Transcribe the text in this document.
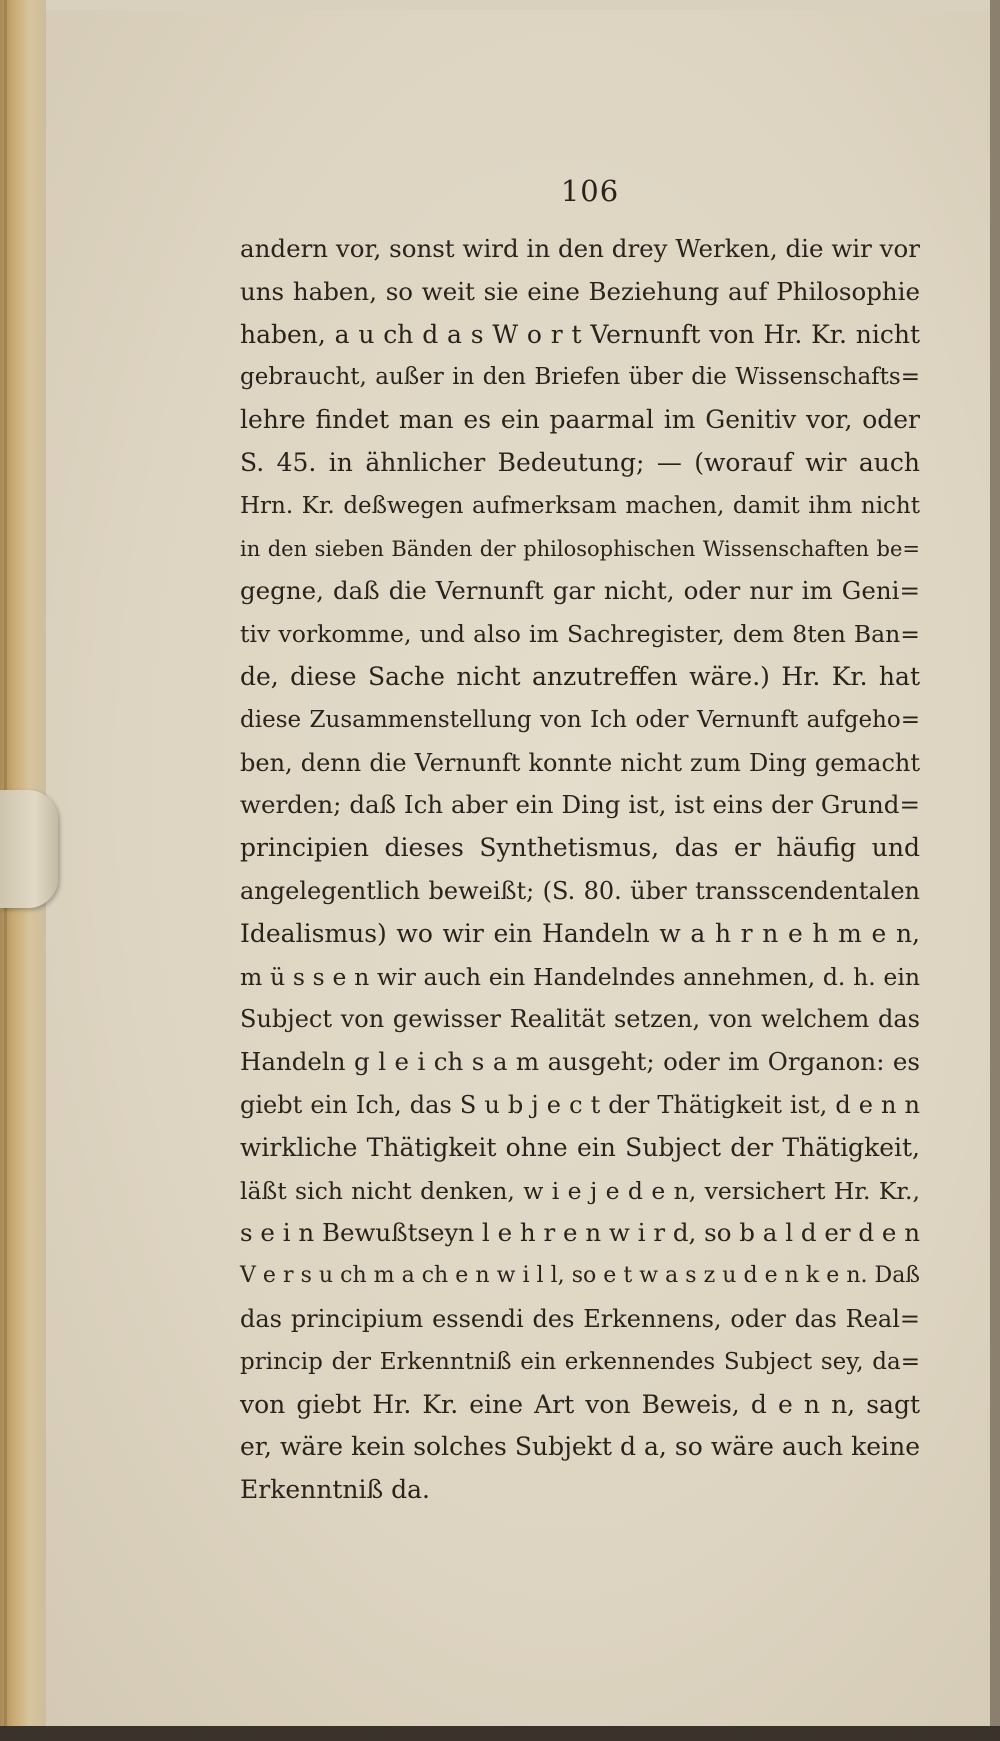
106
andern vor, sonst wird in den drey Werken, die wir vor
uns haben, so weit sie eine Beziehung auf Philosophie
haben, a u ch d a s W o r t Vernunft von Hr. Kr. nicht
gebraucht, außer in den Briefen über die Wissenschafts=
lehre findet man es ein paarmal im Genitiv vor, oder
S. 45. in ähnlicher Bedeutung; — (worauf wir auch
Hrn. Kr. deßwegen aufmerksam machen, damit ihm nicht
in den sieben Bänden der philosophischen Wissenschaften be=
gegne, daß die Vernunft gar nicht, oder nur im Geni=
tiv vorkomme, und also im Sachregister, dem 8ten Ban=
de, diese Sache nicht anzutreffen wäre.) Hr. Kr. hat
diese Zusammenstellung von Ich oder Vernunft aufgeho=
ben, denn die Vernunft konnte nicht zum Ding gemacht
werden; daß Ich aber ein Ding ist, ist eins der Grund=
principien dieses Synthetismus, das er häufig und
angelegentlich beweißt; (S. 80. über transscendentalen
Idealismus) wo wir ein Handeln w a h r n e h m e n,
m ü s s e n wir auch ein Handelndes annehmen, d. h. ein
Subject von gewisser Realität setzen, von welchem das
Handeln g l e i ch s a m ausgeht; oder im Organon: es
giebt ein Ich, das S u b j e c t der Thätigkeit ist, d e n n
wirkliche Thätigkeit ohne ein Subject der Thätigkeit,
läßt sich nicht denken, w i e j e d e n, versichert Hr. Kr.,
s e i n Bewußtseyn l e h r e n w i r d, so b a l d er d e n
V e r s u ch m a ch e n w i l l, so e t w a s z u d e n k e n. Daß
das principium essendi des Erkennens, oder das Real=
princip der Erkenntniß ein erkennendes Subject sey, da=
von giebt Hr. Kr. eine Art von Beweis, d e n n, sagt
er, wäre kein solches Subjekt d a, so wäre auch keine
Erkenntniß da.
